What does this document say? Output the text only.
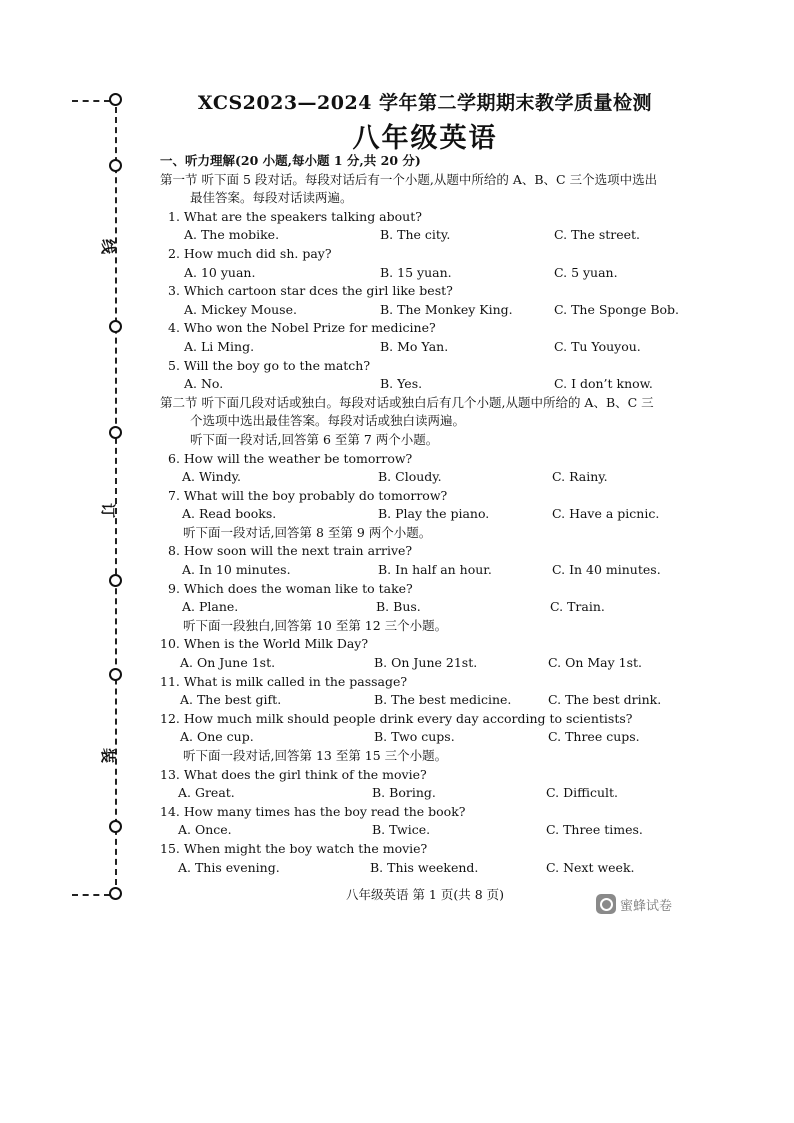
线
订
装
XCS2023—2024 学年第二学期期末教学质量检测
八年级英语
一、听力理解(20 小题,每小题 1 分,共 20 分)
第一节 听下面 5 段对话。每段对话后有一个小题,从题中所给的 A、B、C 三个选项中选出
最佳答案。每段对话读两遍。
1. What are the speakers talking about?
A. The mobike.	B. The city.	C. The street.
2. How much did sh. pay?
A. 10 yuan.	B. 15 yuan.	C. 5 yuan.
3. Which cartoon star dces the girl like best?
A. Mickey Mouse.	B. The Monkey King.	C. The Sponge Bob.
4. Who won the Nobel Prize for medicine?
A. Li Ming.	B. Mo Yan.	C. Tu Youyou.
5. Will the boy go to the match?
A. No.	B. Yes.	C. I don’t know.
第二节 听下面几段对话或独白。每段对话或独白后有几个小题,从题中所给的 A、B、C 三
个选项中选出最佳答案。每段对话或独白读两遍。
听下面一段对话,回答第 6 至第 7 两个小题。
6. How will the weather be tomorrow?
A. Windy.	B. Cloudy.	C. Rainy.
7. What will the boy probably do tomorrow?
A. Read books.	B. Play the piano.	C. Have a picnic.
听下面一段对话,回答第 8 至第 9 两个小题。
8. How soon will the next train arrive?
A. In 10 minutes.	B. In half an hour.	C. In 40 minutes.
9. Which does the woman like to take?
A. Plane.	B. Bus.	C. Train.
听下面一段独白,回答第 10 至第 12 三个小题。
10. When is the World Milk Day?
A. On June 1st.	B. On June 21st.	C. On May 1st.
11. What is milk called in the passage?
A. The best gift.	B. The best medicine.	C. The best drink.
12. How much milk should people drink every day according to scientists?
A. One cup.	B. Two cups.	C. Three cups.
听下面一段对话,回答第 13 至第 15 三个小题。
13. What does the girl think of the movie?
A. Great.	B. Boring.	C. Difficult.
14. How many times has the boy read the book?
A. Once.	B. Twice.	C. Three times.
15. When might the boy watch the movie?
A. This evening.	B. This weekend.	C. Next week.
八年级英语 第 1 页(共 8 页)
蜜蜂试卷
